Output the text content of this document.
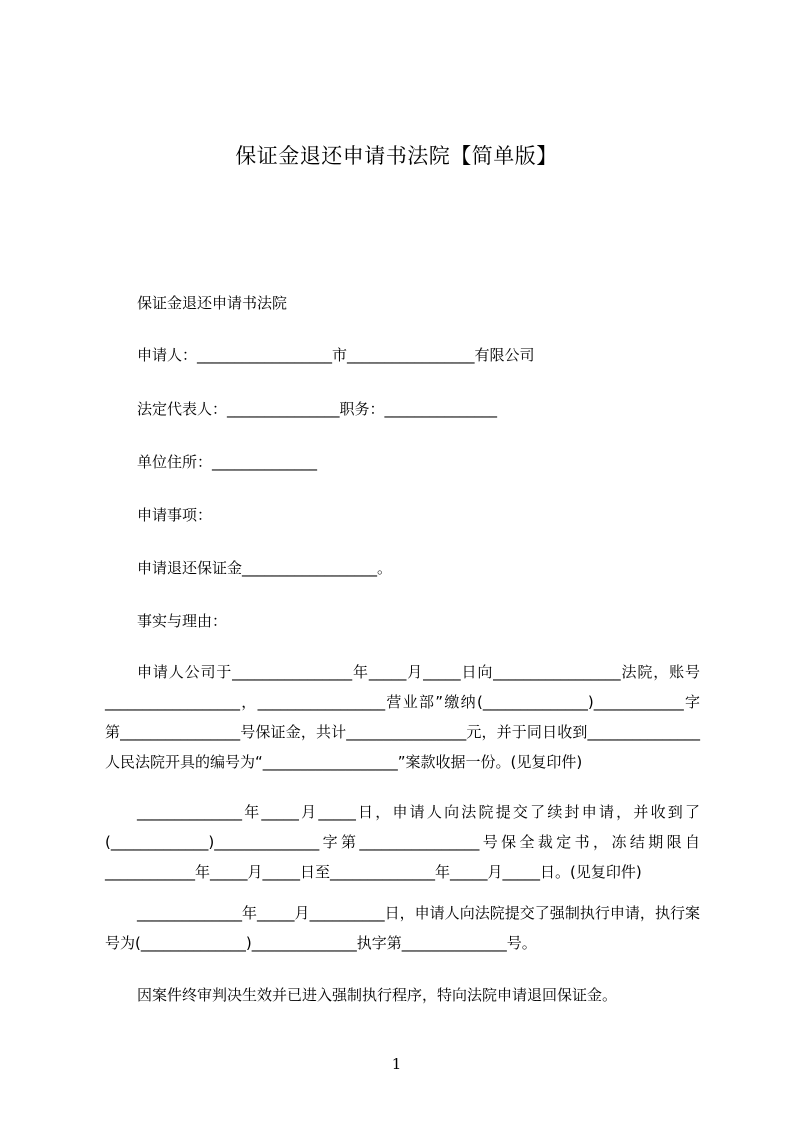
保证金退还申请书法院【简单版】
保证金退还申请书法院
申请人：__________________市_________________有限公司
法定代表人：_______________职务：_______________
单位住所：______________
申请事项：
申请退还保证金__________________。
事实与理由：
申请人公司于________________年_____月_____日向_________________法院，账号__________________，_________________营业部”缴纳(______________)____________字第________________号保证金，共计________________元，并于同日收到_______________人民法院开具的编号为“__________________”案款收据一份。(见复印件)
______________年_____月_____日，申请人向法院提交了续封申请，并收到了(_____________)______________字第________________号保全裁定书，冻结期限自____________年_____月_____日至______________年_____月_____日。(见复印件)
______________年_____月__________日，申请人向法院提交了强制执行申请，执行案号为(______________)______________执字第______________号。
因案件终审判决生效并已进入强制执行程序，特向法院申请退回保证金。
1
